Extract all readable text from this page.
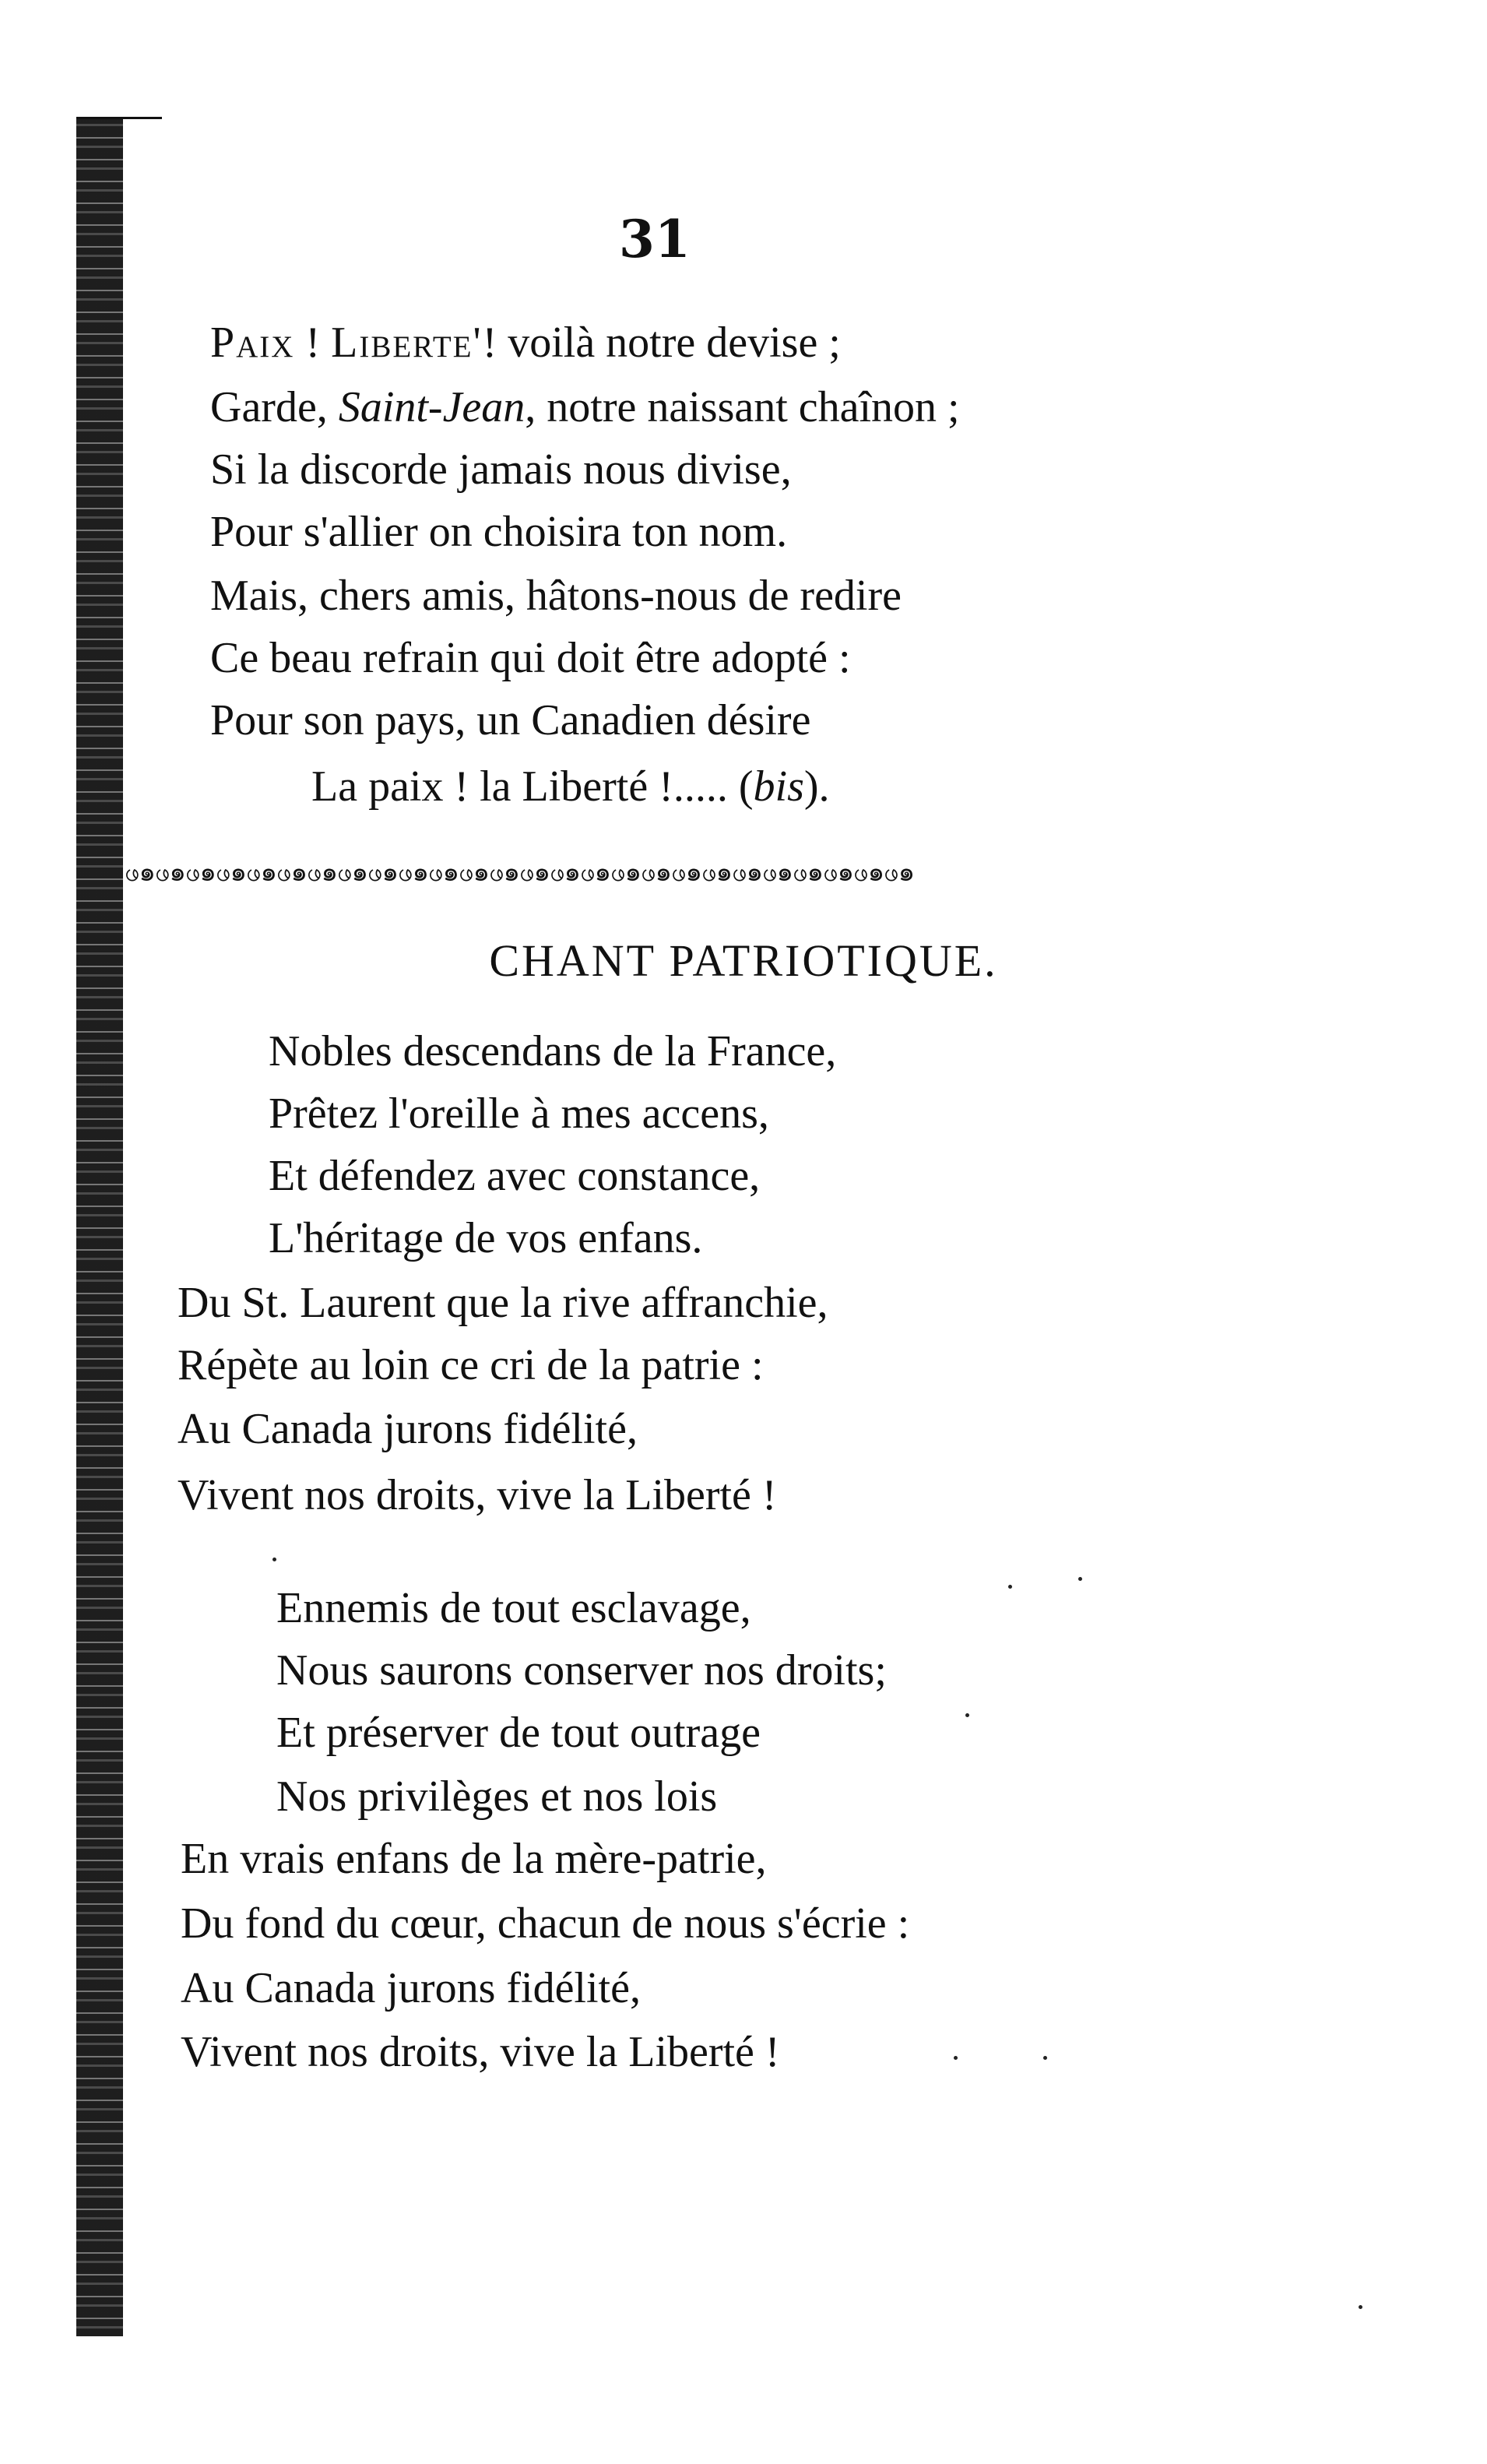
31
Paix ! Liberte'! voilà notre devise ;
Garde, Saint-Jean, notre naissant chaînon ;
Si la discorde jamais nous divise,
Pour s'allier on choisira ton nom.
Mais, chers amis, hâtons-nous de redire
Ce beau refrain qui doit être adopté :
Pour son pays, un Canadien désire
La paix ! la Liberté !..... (bis).
ဖ๑ဖ๑ဖ๑ဖ๑ဖ๑ဖ๑ဖ๑ဖ๑ဖ๑ဖ๑ဖ๑ဖ๑ဖ๑ဖ๑ဖ๑ဖ๑ဖ๑ဖ๑ဖ๑ဖ๑ဖ๑ဖ๑ဖ๑ဖ๑ဖ๑ဖ๑
CHANT PATRIOTIQUE.
Nobles descendans de la France,
Prêtez l'oreille à mes accens,
Et défendez avec constance,
L'héritage de vos enfans.
Du St. Laurent que la rive affranchie,
Répète au loin ce cri de la patrie :
Au Canada jurons fidélité,
Vivent nos droits, vive la Liberté !
Ennemis de tout esclavage,
Nous saurons conserver nos droits;
Et préserver de tout outrage
Nos privilèges et nos lois
En vrais enfans de la mère-patrie,
Du fond du cœur, chacun de nous s'écrie :
Au Canada jurons fidélité,
Vivent nos droits, vive la Liberté !
